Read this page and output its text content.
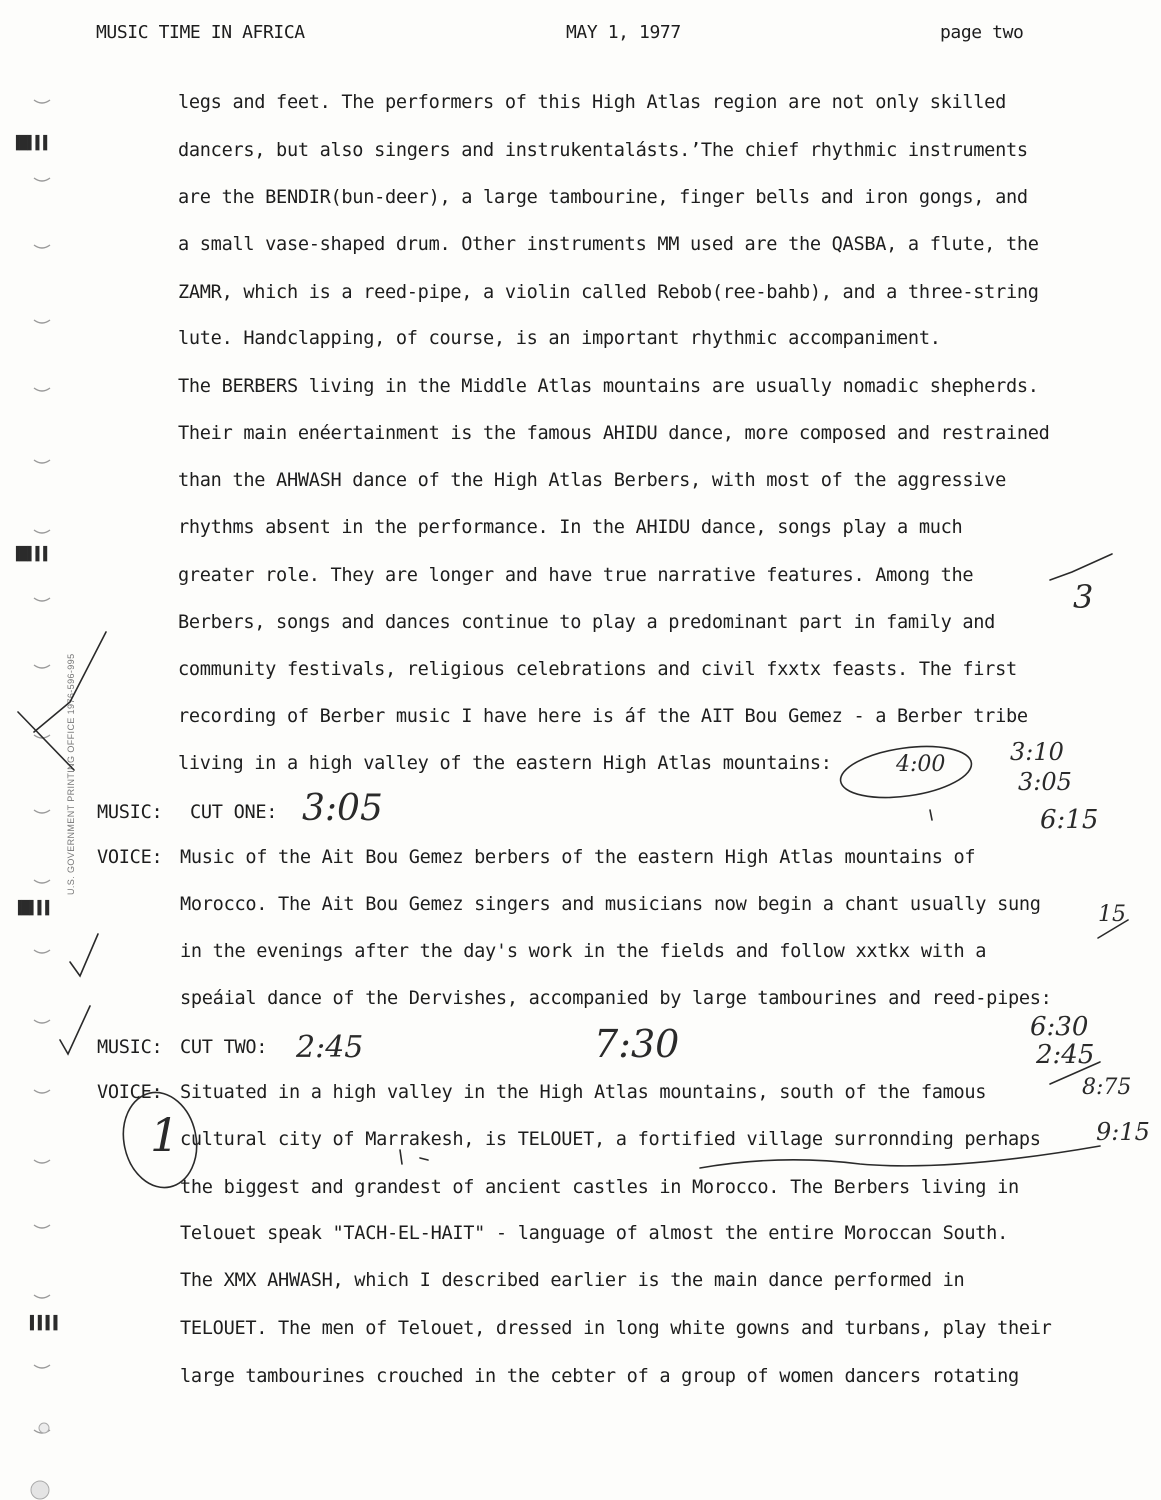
▐█▌▌▌
▐█▌▌▌
▐█▌▌▌
▌▌▌▌
U.S. GOVERNMENT PRINTING OFFICE 1976-596-995
MUSIC TIME IN AFRICA	MAY 1, 1977	page two
legs and feet. The performers of this High Atlas region are not only skilled
dancers, but also singers and instrukentalásts.’The chief rhythmic instruments
are the BENDIR(bun-deer), a large tambourine, finger bells and iron gongs, and
a small vase-shaped drum. Other instruments MM used are the QASBA, a flute, the
ZAMR, which is a reed-pipe, a violin called Rebob(ree-bahb), and a three-string
lute. Handclapping, of course, is an important rhythmic accompaniment.
The BERBERS living in the Middle Atlas mountains are usually nomadic shepherds.
Their main enéertainment is the famous AHIDU dance, more composed and restrained
than the AHWASH dance of the High Atlas Berbers, with most of the aggressive
rhythms absent in the performance. In the AHIDU dance, songs play a much
greater role. They are longer and have true narrative features. Among the
Berbers, songs and dances continue to play a predominant part in family and
community festivals, religious celebrations and civil fxxtx feasts. The first
recording of Berber music I have here is áf the AIT Bou Gemez - a Berber tribe
living in a high valley of the eastern High Atlas mountains:
MUSIC: CUT ONE:
VOICE: Music of the Ait Bou Gemez berbers of the eastern High Atlas mountains of
Morocco. The Ait Bou Gemez singers and musicians now begin a chant usually sung
in the evenings after the day's work in the fields and follow xxtkx with a
speáial dance of the Dervishes, accompanied by large tambourines and reed-pipes:
MUSIC: CUT TWO:
VOICE: Situated in a high valley in the High Atlas mountains, south of the famous
cultural city of Marrakesh, is TELOUET, a fortified village surronnding perhaps
the biggest and grandest of ancient castles in Morocco. The Berbers living in
Telouet speak "TACH-EL-HAIT" - language of almost the entire Moroccan South.
The XMX AHWASH, which I described earlier is the main dance performed in
TELOUET. The men of Telouet, dressed in long white gowns and turbans, play their
large tambourines crouched in the cebter of a group of women dancers rotating
3:05
2:45	7:30
3
4:00	3:10
3:05
6:15
15
6:30
2:45
8:75
9:15
1
